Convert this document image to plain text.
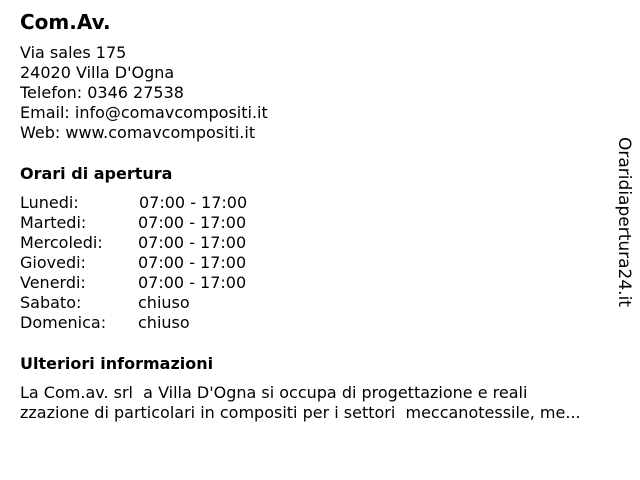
Com.Av.
Via sales 175
24020 Villa D'Ogna
Telefon: 0346 27538
Email: info@comavcompositi.it
Web: www.comavcompositi.it
Orari di apertura
Lunedi:	07:00 - 17:00
Martedi:	07:00 - 17:00
Mercoledi: 07:00 - 17:00
Giovedi:	07:00 - 17:00
Venerdi:	07:00 - 17:00
Sabato:	chiuso
Domenica: chiuso
Ulteriori informazioni
La Com.av. srl  a Villa D'Ogna si occupa di progettazione e reali
zzazione di particolari in compositi per i settori  meccanotessile, me...
Oraridiapertura24.it
